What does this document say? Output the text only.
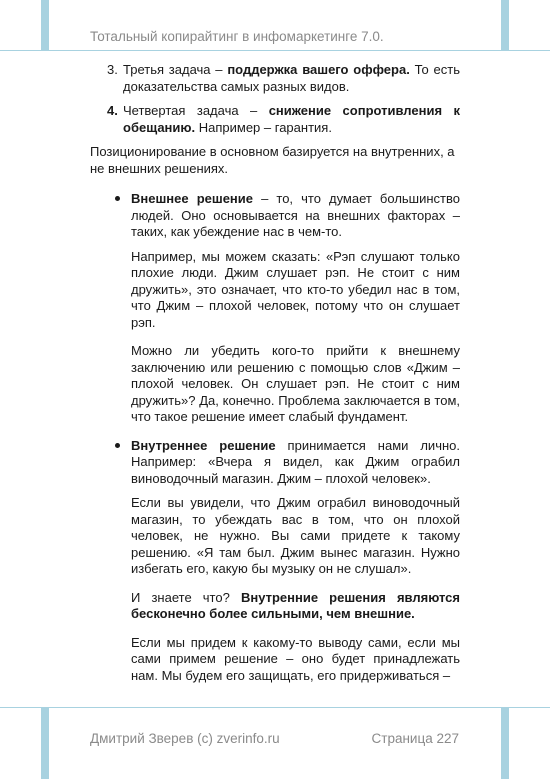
Тотальный копирайтинг в инфомаркетинге 7.0.
3. Третья задача – поддержка вашего оффера. То есть доказательства самых разных видов.
4. Четвертая задача – снижение сопротивления к обещанию. Например – гарантия.

Позиционирование в основном базируется на внутренних, а не внешних решениях.

Внешнее решение – то, что думает большинство людей. Оно основывается на внешних факторах – таких, как убеждение нас в чем-то.

Например, мы можем сказать: «Рэп слушают только плохие люди. Джим слушает рэп. Не стоит с ним дружить», это означает, что кто-то убедил нас в том, что Джим – плохой человек, потому что он слушает рэп.

Можно ли убедить кого-то прийти к внешнему заключению или решению с помощью слов «Джим – плохой человек. Он слушает рэп. Не стоит с ним дружить»? Да, конечно. Проблема заключается в том, что такое решение имеет слабый фундамент.

Внутреннее решение принимается нами лично. Например: «Вчера я видел, как Джим ограбил виноводочный магазин. Джим – плохой человек».

Если вы увидели, что Джим ограбил виноводочный магазин, то убеждать вас в том, что он плохой человек, не нужно. Вы сами придете к такому решению. «Я там был. Джим вынес магазин. Нужно избегать его, какую бы музыку он не слушал».

И знаете что? Внутренние решения являются бесконечно более сильными, чем внешние.

Если мы придем к какому-то выводу сами, если мы сами примем решение – оно будет принадлежать нам. Мы будем его защищать, его придерживаться –

Дмитрий Зверев (с) zverinfo.ru	Страница 227
